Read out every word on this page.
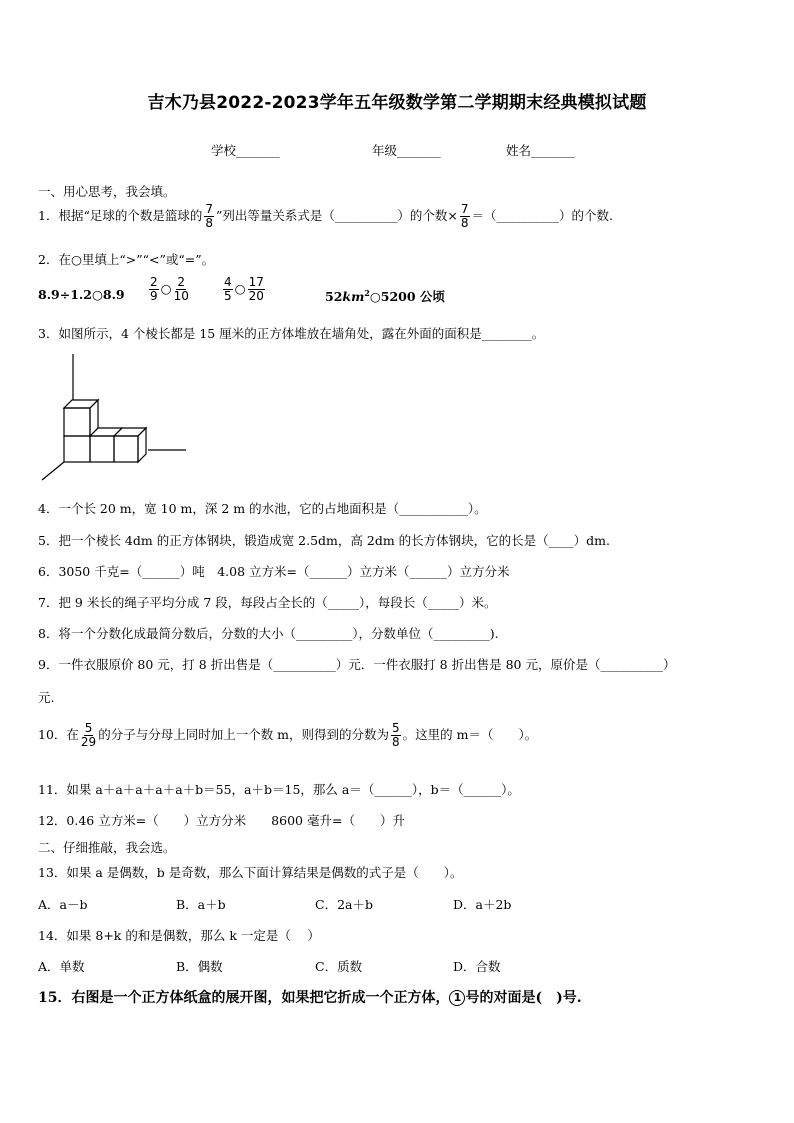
吉木乃县2022-2023学年五年级数学第二学期期末经典模拟试题
学校_______	年级_______	姓名_______
一、用心思考，我会填。
1．根据“足球的个数是篮球的 $\frac{7}{8}$ ”列出等量关系式是（__________）的个数× $\frac{7}{8}$ ＝（__________）的个数.
2．在○里填上“>”“<”或“=”。
8.9÷1.2○8.9 $\frac{2}{9}$ ○ $\frac{2}{10}$	$\frac{4}{5}$ ○ $\frac{17}{20}$	$52km^2○5200$ 公顷
3．如图所示，4 个棱长都是 15 厘米的正方体堆放在墙角处，露在外面的面积是________。
4．一个长 20 m，宽 10 m，深 2 m 的水池，它的占地面积是（___________）。
5．把一个棱长 4dm 的正方体钢块，锻造成宽 2.5dm，高 2dm 的长方体钢块，它的长是（____）dm.
6．3050 千克=（______）吨　4.08 立方米=（______）立方米（______）立方分米
7．把 9 米长的绳子平均分成 7 段，每段占全长的（_____），每段长（_____）米。
8．将一个分数化成最简分数后，分数的大小（_________），分数单位（_________).
9．一件衣服原价 80 元，打 8 折出售是（__________）元．一件衣服打 8 折出售是 80 元，原价是（__________）
元.
10．在 $\frac{5}{29}$ 的分子与分母上同时加上一个数 m，则得到的分数为 $\frac{5}{8}$ 。这里的 m＝（　　）。
11．如果 a＋a＋a＋a＋a＋b＝55，a＋b＝15，那么 a＝（______），b＝（______）。
12．0.46 立方米=（　　）立方分米　　8600 毫升=（　　）升
二、仔细推敲，我会选。
13．如果 a 是偶数，b 是奇数，那么下面计算结果是偶数的式子是（　　）。
A．a－b	B．a＋b	C．2a＋b	D．a＋2b
14．如果 8+k 的和是偶数，那么 k 一定是（　 ）
A．单数	B．偶数	C．质数	D．合数
15．右图是一个正方体纸盒的展开图，如果把它折成一个正方体， 1 号的对面是(　)号.
